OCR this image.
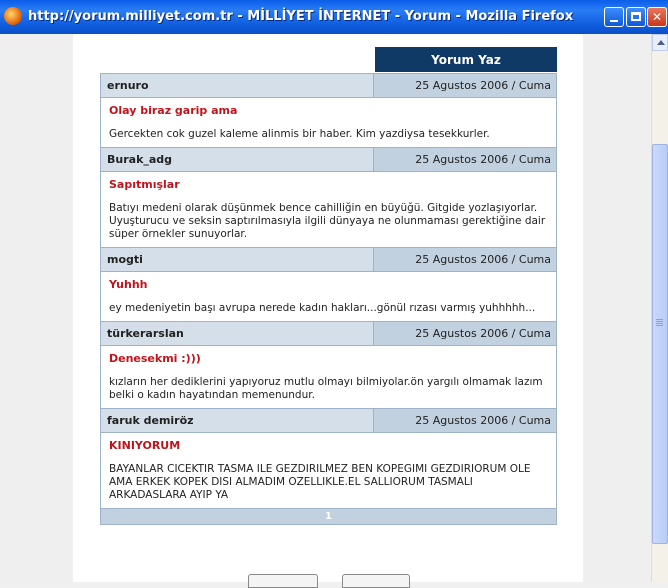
http://yorum.milliyet.com.tr - MİLLİYET İNTERNET - Yorum - Mozilla Firefox	✕
Yorum Yaz
ernuro	25 Agustos 2006 / Cuma
Olay biraz garip ama
Gercekten cok guzel kaleme alinmis bir haber. Kim yazdiysa tesekkurler.
Burak_adg	25 Agustos 2006 / Cuma
Sapıtmışlar
Batıyı medeni olarak düşünmek bence cahilliğin en büyüğü. Gitgide yozlaşıyorlar. Uyuşturucu ve seksin saptırılmasıyla ilgili dünyaya ne olunmaması gerektiğine dair süper örnekler sunuyorlar.
mogti	25 Agustos 2006 / Cuma
Yuhhh
ey medeniyetin başı avrupa nerede kadın hakları...gönül rızası varmış yuhhhhh...
türkerarslan	25 Agustos 2006 / Cuma
Denesekmi :)))
kızların her dediklerini yapıyoruz mutlu olmayı bilmiyolar.ön yargılı olmamak lazım belki o kadın hayatından memenundur.
faruk demiröz	25 Agustos 2006 / Cuma
KINIYORUM
BAYANLAR CICEKTIR TASMA ILE GEZDIRILMEZ BEN KOPEGIMI GEZDIRIORUM OLE AMA ERKEK KOPEK DISI ALMADIM OZELLIKLE.EL SALLIORUM TASMALI ARKADASLARA AYIP YA
1
